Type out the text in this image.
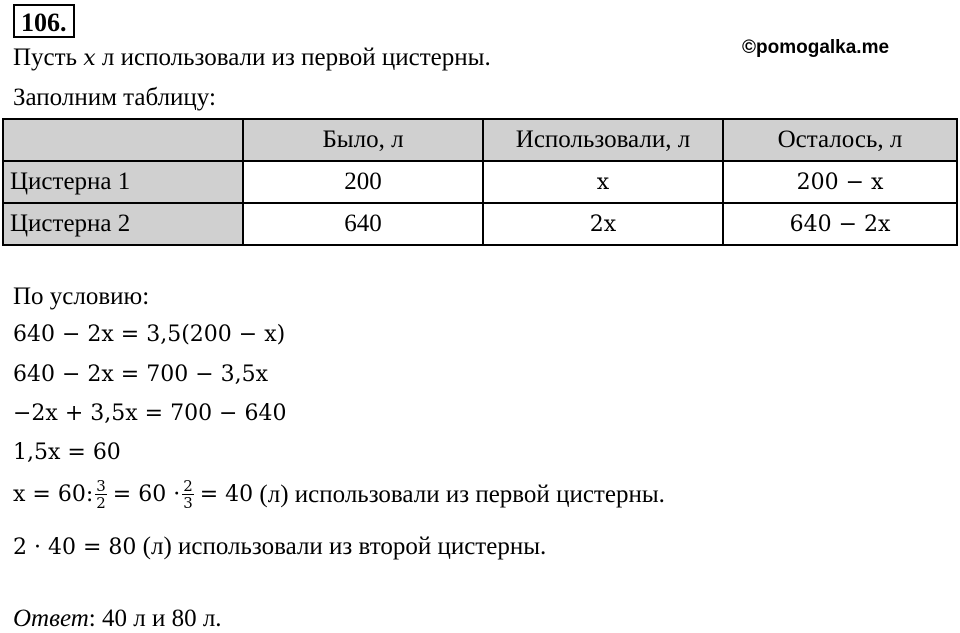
106.
Пусть x л использовали из первой цистерны.	©pomogalka.me
Заполним таблицу:
	Было, л	Использовали, л	Осталось, л
Цистерна 1	200	x	200 − x
Цистерна 2	640	2x	640 − 2x
По условию:
640 − 2x = 3,5(200 − x)
640 − 2x = 700 − 3,5x
−2x + 3,5x = 700 − 640
1,5x = 60
x = 60: $\frac{3}{2} = 60 \cdot \frac{2}{3} = 40$ (л) использовали из первой цистерны.
2 · 40 = 80 (л) использовали из второй цистерны.
Ответ: 40 л и 80 л.
